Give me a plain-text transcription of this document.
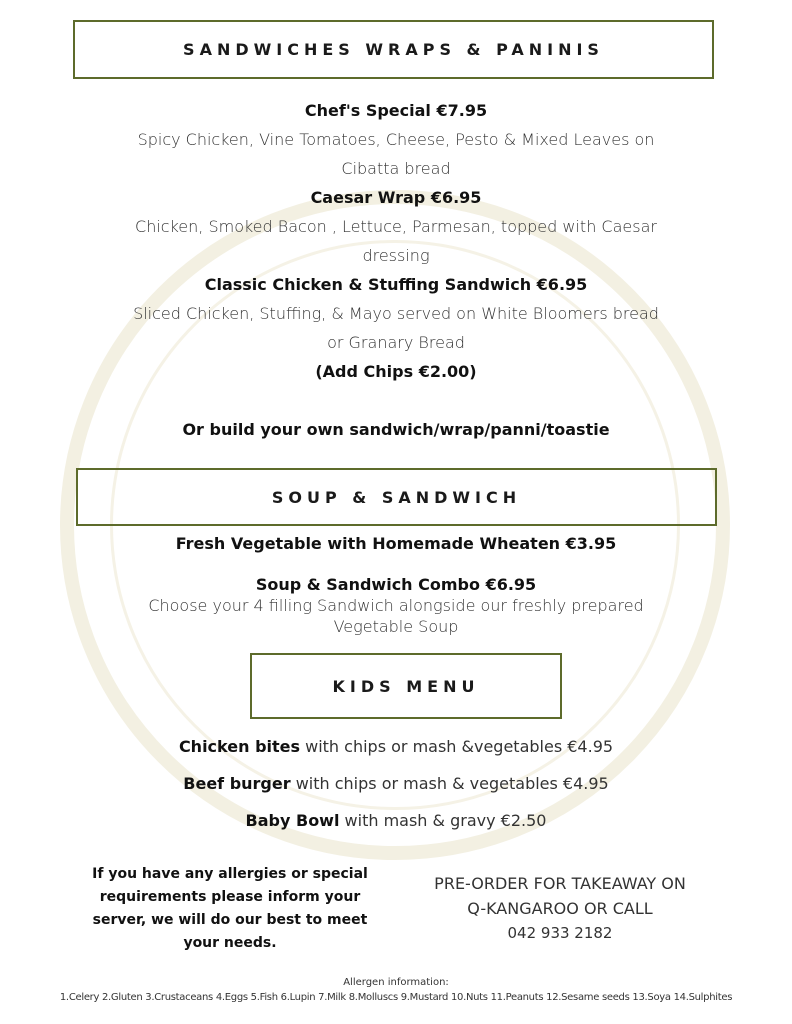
SANDWICHES WRAPS & PANINIS
Chef's Special €7.95
Spicy Chicken, Vine Tomatoes, Cheese, Pesto & Mixed Leaves on
Cibatta bread
Caesar Wrap €6.95
Chicken, Smoked Bacon , Lettuce, Parmesan, topped with Caesar
dressing
Classic Chicken & Stuffing Sandwich €6.95
Sliced Chicken, Stuffing, & Mayo served on White Bloomers bread
or Granary Bread
(Add Chips €2.00)
Or build your own sandwich/wrap/panni/toastie
SOUP & SANDWICH
Fresh Vegetable with Homemade Wheaten €3.95
Soup & Sandwich Combo €6.95
Choose your 4 filling Sandwich alongside our freshly prepared
Vegetable Soup
KIDS MENU
Chicken bites with chips or mash &vegetables €4.95
Beef burger with chips or mash & vegetables €4.95
Baby Bowl with mash & gravy €2.50
If you have any allergies or special requirements please inform your server, we will do our best to meet your needs.
PRE-ORDER FOR TAKEAWAY ON
Q-KANGAROO OR CALL
042 933 2182
Allergen information:
1.Celery 2.Gluten 3.Crustaceans 4.Eggs 5.Fish 6.Lupin 7.Milk 8.Molluscs 9.Mustard 10.Nuts 11.Peanuts 12.Sesame seeds 13.Soya 14.Sulphites
